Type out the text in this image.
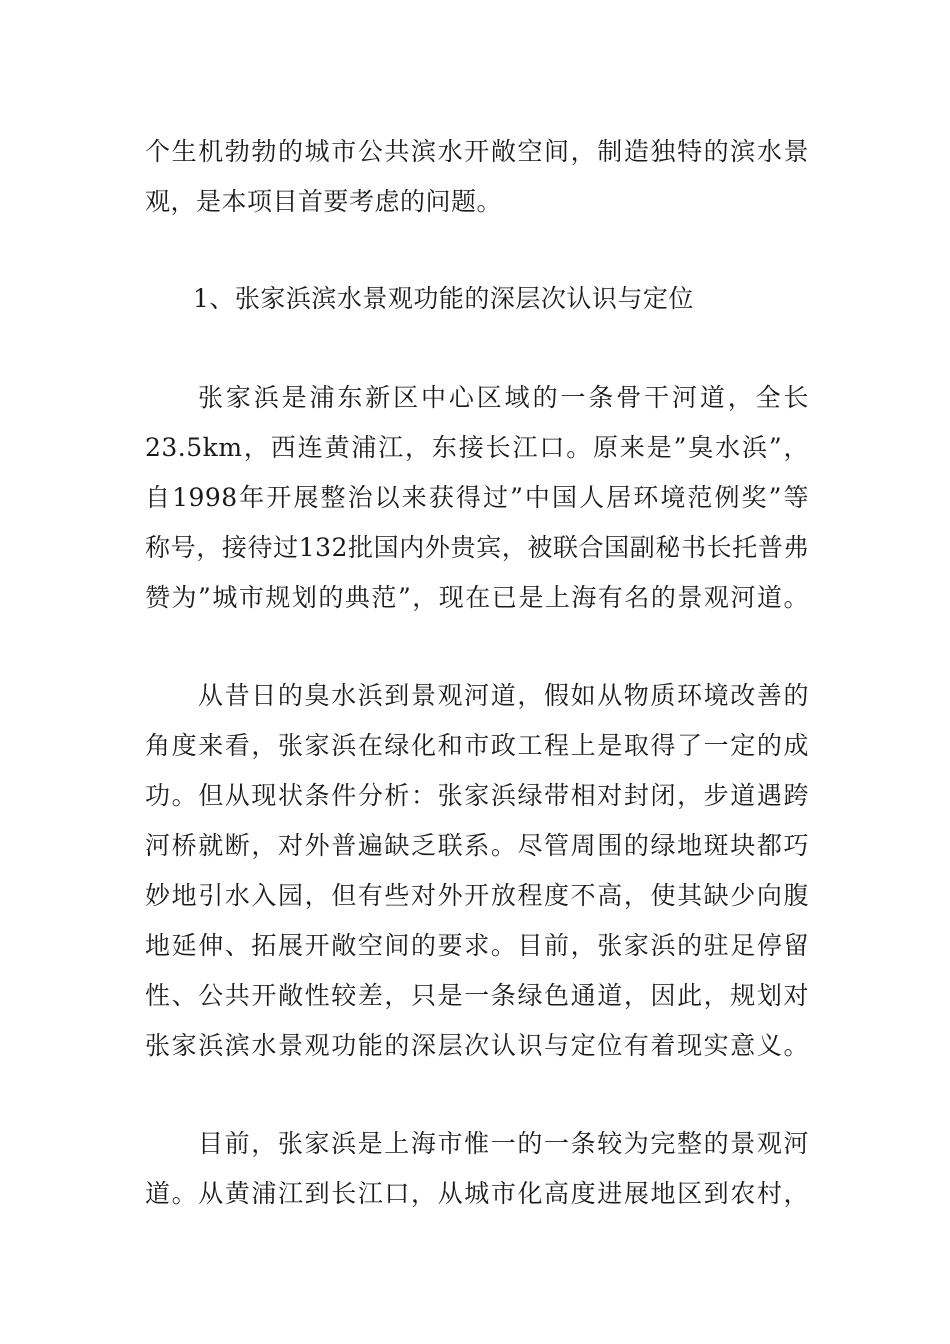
个生机勃勃的城市公共滨水开敞空间，制造独特的滨水景
观，是本项目首要考虑的问题。
1、张家浜滨水景观功能的深层次认识与定位
张家浜是浦东新区中心区域的一条骨干河道，全长
23.5km，西连黄浦江，东接长江口。原来是”臭水浜”，
自1998年开展整治以来获得过”中国人居环境范例奖”等
称号，接待过132批国内外贵宾，被联合国副秘书长托普弗
赞为”城市规划的典范”，现在已是上海有名的景观河道。
从昔日的臭水浜到景观河道，假如从物质环境改善的
角度来看，张家浜在绿化和市政工程上是取得了一定的成
功。但从现状条件分析：张家浜绿带相对封闭，步道遇跨
河桥就断，对外普遍缺乏联系。尽管周围的绿地斑块都巧
妙地引水入园，但有些对外开放程度不高，使其缺少向腹
地延伸、拓展开敞空间的要求。目前，张家浜的驻足停留
性、公共开敞性较差，只是一条绿色通道，因此，规划对
张家浜滨水景观功能的深层次认识与定位有着现实意义。
目前，张家浜是上海市惟一的一条较为完整的景观河
道。从黄浦江到长江口，从城市化高度进展地区到农村，
